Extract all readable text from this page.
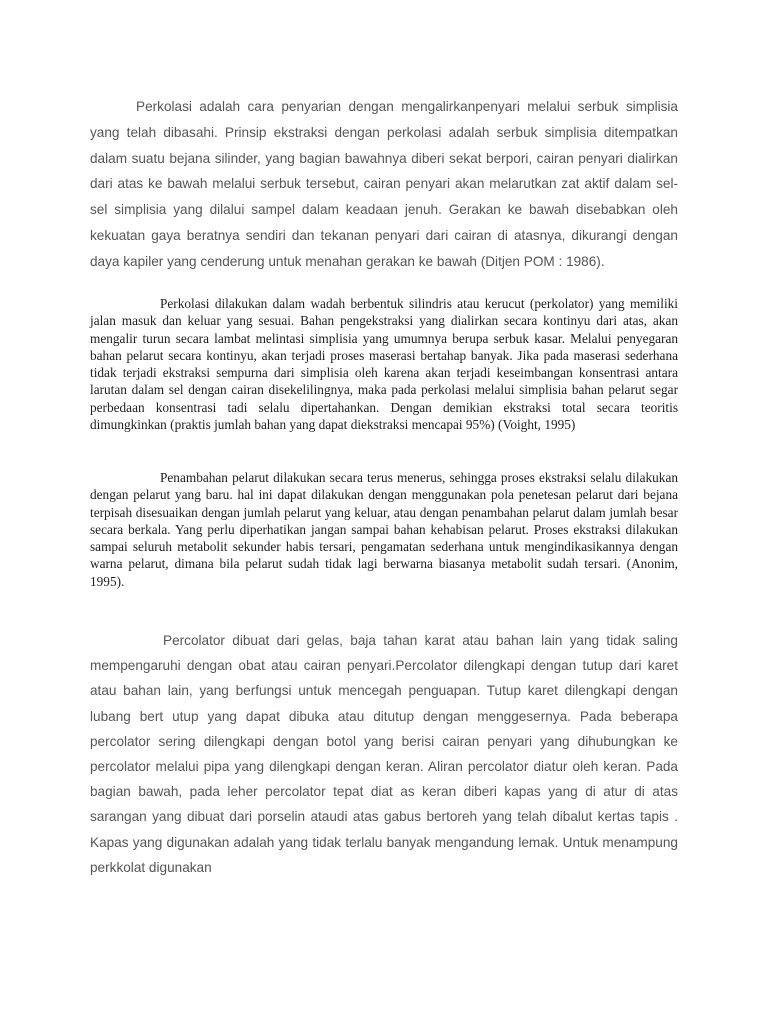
Perkolasi adalah cara penyarian dengan mengalirkanpenyari melalui serbuk simplisia yang telah dibasahi. Prinsip ekstraksi dengan perkolasi adalah serbuk simplisia ditempatkan dalam suatu bejana silinder, yang bagian bawahnya diberi sekat berpori, cairan penyari dialirkan dari atas ke bawah melalui serbuk tersebut, cairan penyari akan melarutkan zat aktif dalam sel-sel simplisia yang dilalui sampel dalam keadaan jenuh. Gerakan ke bawah disebabkan oleh kekuatan gaya beratnya sendiri dan tekanan penyari dari cairan di atasnya, dikurangi dengan daya kapiler yang cenderung untuk menahan gerakan ke bawah (Ditjen POM : 1986).

Perkolasi dilakukan dalam wadah berbentuk silindris atau kerucut (perkolator) yang memiliki jalan masuk dan keluar yang sesuai. Bahan pengekstraksi yang dialirkan secara kontinyu dari atas, akan mengalir turun secara lambat melintasi simplisia yang umumnya berupa serbuk kasar. Melalui penyegaran bahan pelarut secara kontinyu, akan terjadi proses maserasi bertahap banyak. Jika pada maserasi sederhana tidak terjadi ekstraksi sempurna dari simplisia oleh karena akan terjadi keseimbangan konsentrasi antara larutan dalam sel dengan cairan disekelilingnya, maka pada perkolasi melalui simplisia bahan pelarut segar perbedaan konsentrasi tadi selalu dipertahankan. Dengan demikian ekstraksi total secara teoritis dimungkinkan (praktis jumlah bahan yang dapat diekstraksi mencapai 95%) (Voight, 1995)

Penambahan pelarut dilakukan secara terus menerus, sehingga proses ekstraksi selalu dilakukan dengan pelarut yang baru. hal ini dapat dilakukan dengan menggunakan pola penetesan pelarut dari bejana terpisah disesuaikan dengan jumlah pelarut yang keluar, atau dengan penambahan pelarut dalam jumlah besar secara berkala. Yang perlu diperhatikan jangan sampai bahan kehabisan pelarut. Proses ekstraksi dilakukan sampai seluruh metabolit sekunder habis tersari, pengamatan sederhana untuk mengindikasikannya dengan warna pelarut, dimana bila pelarut sudah tidak lagi berwarna biasanya metabolit sudah tersari. (Anonim, 1995).

Percolator dibuat dari gelas, baja tahan karat atau bahan lain yang tidak saling mempengaruhi dengan obat atau cairan penyari.Percolator dilengkapi dengan tutup dari karet atau bahan lain, yang berfungsi untuk mencegah penguapan. Tutup karet dilengkapi dengan lubang bert utup yang dapat dibuka atau ditutup dengan menggesernya. Pada beberapa percolator sering dilengkapi dengan botol yang berisi cairan penyari yang dihubungkan ke percolator melalui pipa yang dilengkapi dengan keran. Aliran percolator diatur oleh keran. Pada bagian bawah, pada leher percolator tepat diat as keran diberi kapas yang di atur di atas sarangan yang dibuat dari porselin ataudi atas gabus bertoreh yang telah dibalut kertas tapis . Kapas yang digunakan adalah yang tidak terlalu banyak mengandung lemak. Untuk menampung perkkolat digunakan
